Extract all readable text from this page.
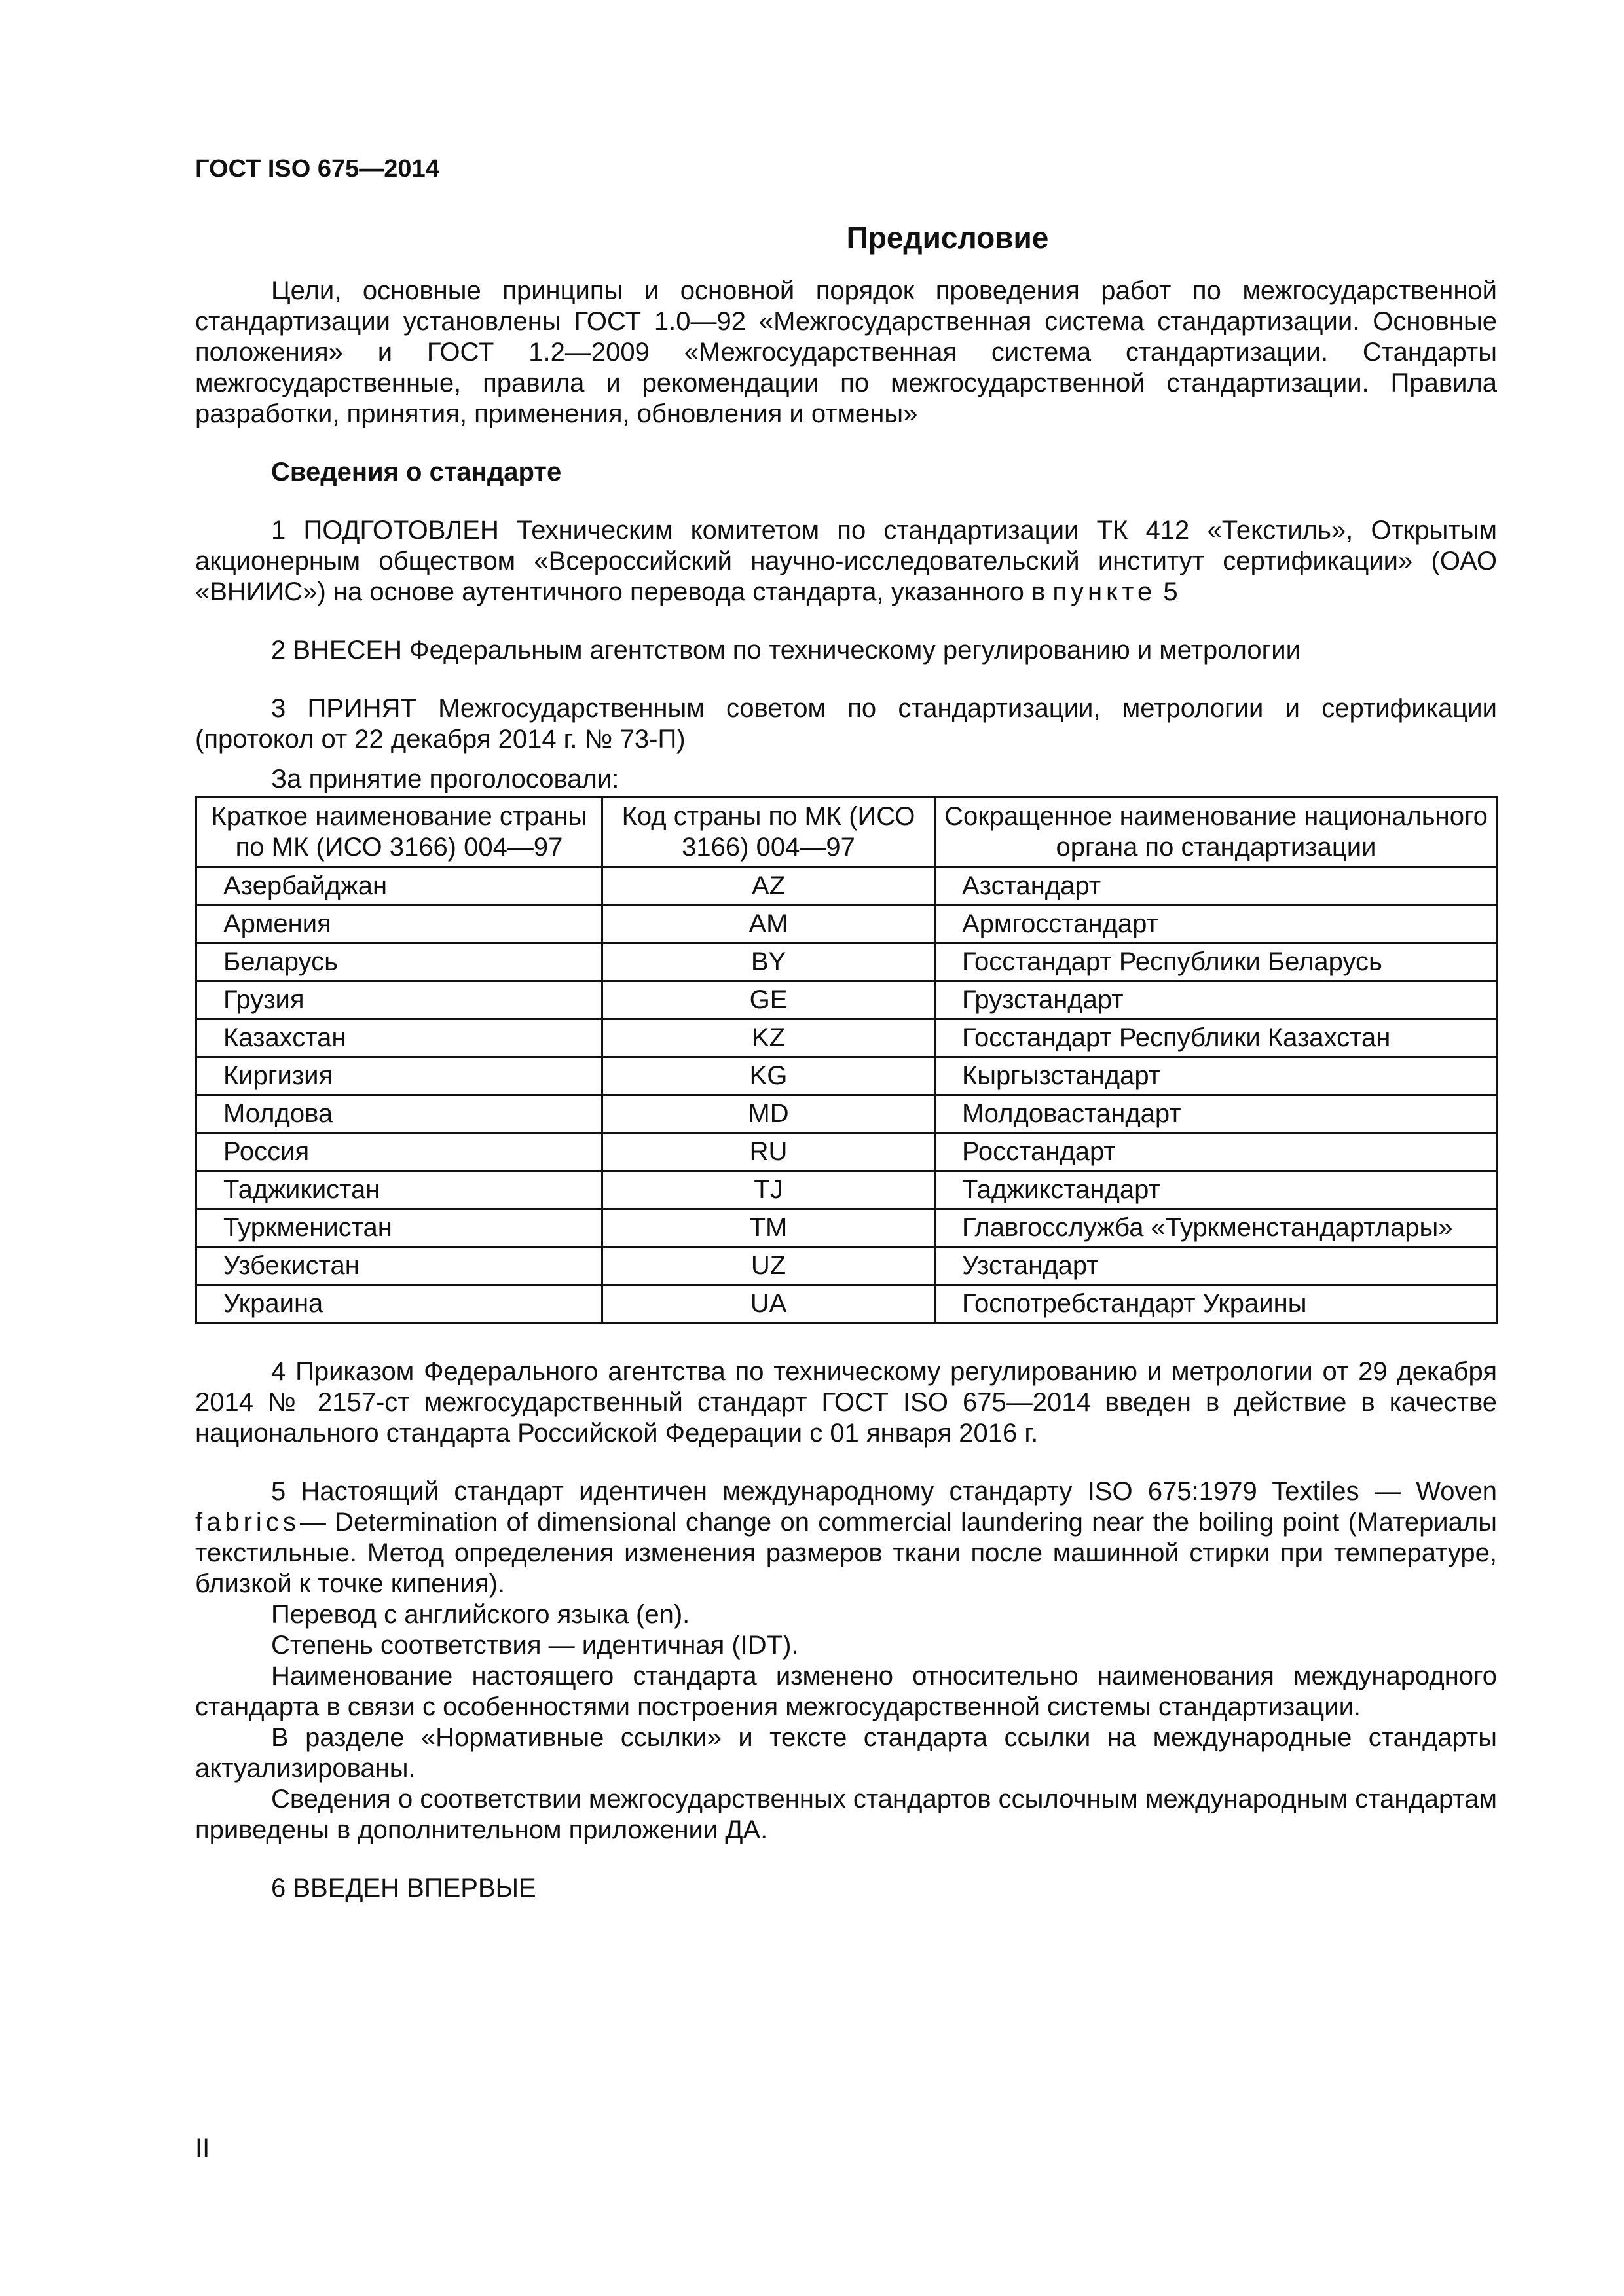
ГОСТ ISO 675—2014
Предисловие

Цели, основные принципы и основной порядок проведения работ по межгосударственной стандартизации установлены ГОСТ 1.0—92 «Межгосударственная система стандартизации. Основные положения» и ГОСТ 1.2—2009 «Межгосударственная система стандартизации. Стандарты межгосударственные, правила и рекомендации по межгосударственной стандартизации. Правила разработки, принятия, применения, обновления и отмены»

Сведения о стандарте

1 ПОДГОТОВЛЕН Техническим комитетом по стандартизации ТК 412 «Текстиль», Открытым акционерным обществом «Всероссийский научно-исследовательский институт сертификации» (ОАО «ВНИИС») на основе аутентичного перевода стандарта, указанного в пункте 5

2 ВНЕСЕН Федеральным агентством по техническому регулированию и метрологии

3 ПРИНЯТ Межгосударственным советом по стандартизации, метрологии и сертификации (протокол от 22 декабря 2014 г. № 73-П)

За принятие проголосовали:

Краткое наименование страны по МК (ИСО 3166) 004—97	Код страны по МК (ИСО 3166) 004—97	Сокращенное наименование национального органа по стандартизации
Азербайджан	AZ	Азстандарт
Армения	AM	Армгосстандарт
Беларусь	BY	Госстандарт Республики Беларусь
Грузия	GE	Грузстандарт
Казахстан	KZ	Госстандарт Республики Казахстан
Киргизия	KG	Кыргызстандарт
Молдова	MD	Молдовастандарт
Россия	RU	Росстандарт
Таджикистан	TJ	Таджикстандарт
Туркменистан	TM	Главгосслужба «Туркменстандартлары»
Узбекистан	UZ	Узстандарт
Украина	UA	Госпотребстандарт Украины

4 Приказом Федерального агентства по техническому регулированию и метрологии от 29 декабря 2014 № 2157-ст межгосударственный стандарт ГОСТ ISO 675—2014 введен в действие в качестве национального стандарта Российской Федерации с 01 января 2016 г.

5 Настоящий стандарт идентичен международному стандарту ISO 675:1979 Textiles — Woven fabrics— Determination of dimensional change on commercial laundering near the boiling point (Материалы текстильные. Метод определения изменения размеров ткани после машинной стирки при температуре, близкой к точке кипения).

Перевод с английского языка (en).

Степень соответствия — идентичная (IDT).

Наименование настоящего стандарта изменено относительно наименования международного стандарта в связи с особенностями построения межгосударственной системы стандартизации.

В разделе «Нормативные ссылки» и тексте стандарта ссылки на международные стандарты актуализированы.

Сведения о соответствии межгосударственных стандартов ссылочным международным стандартам приведены в дополнительном приложении ДА.

6 ВВЕДЕН ВПЕРВЫЕ

II
